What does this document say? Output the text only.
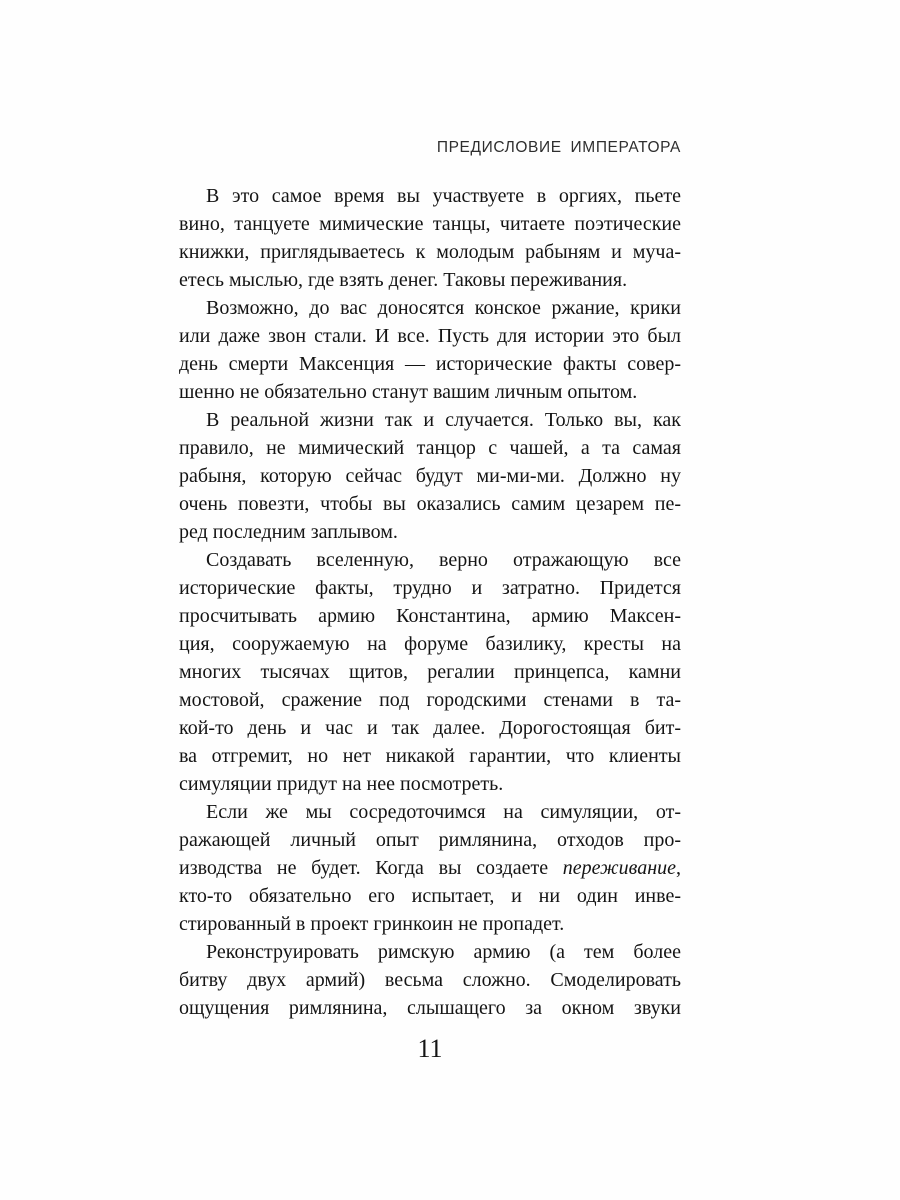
ПРЕДИСЛОВИЕ ИМПЕРАТОРА
В это самое время вы участвуете в оргиях, пьете
вино, танцуете мимические танцы, читаете поэтические
книжки, приглядываетесь к молодым рабыням и муча-
етесь мыслью, где взять денег. Таковы переживания.
Возможно, до вас доносятся конское ржание, крики
или даже звон стали. И все. Пусть для истории это был
день смерти Максенция — исторические факты совер-
шенно не обязательно станут вашим личным опытом.
В реальной жизни так и случается. Только вы, как
правило, не мимический танцор с чашей, а та самая
рабыня, которую сейчас будут ми-ми-ми. Должно ну
очень повезти, чтобы вы оказались самим цезарем пе-
ред последним заплывом.
Создавать вселенную, верно отражающую все
исторические факты, трудно и затратно. Придется
просчитывать армию Константина, армию Максен-
ция, сооружаемую на форуме базилику, кресты на
многих тысячах щитов, регалии принцепса, камни
мостовой, сражение под городскими стенами в та-
кой-то день и час и так далее. Дорогостоящая бит-
ва отгремит, но нет никакой гарантии, что клиенты
симуляции придут на нее посмотреть.
Если же мы сосредоточимся на симуляции, от-
ражающей личный опыт римлянина, отходов про-
изводства не будет. Когда вы создаете переживание,
кто-то обязательно его испытает, и ни один инве-
стированный в проект гринкоин не пропадет.
Реконструировать римскую армию (а тем более
битву двух армий) весьма сложно. Смоделировать
ощущения римлянина, слышащего за окном звуки
11
